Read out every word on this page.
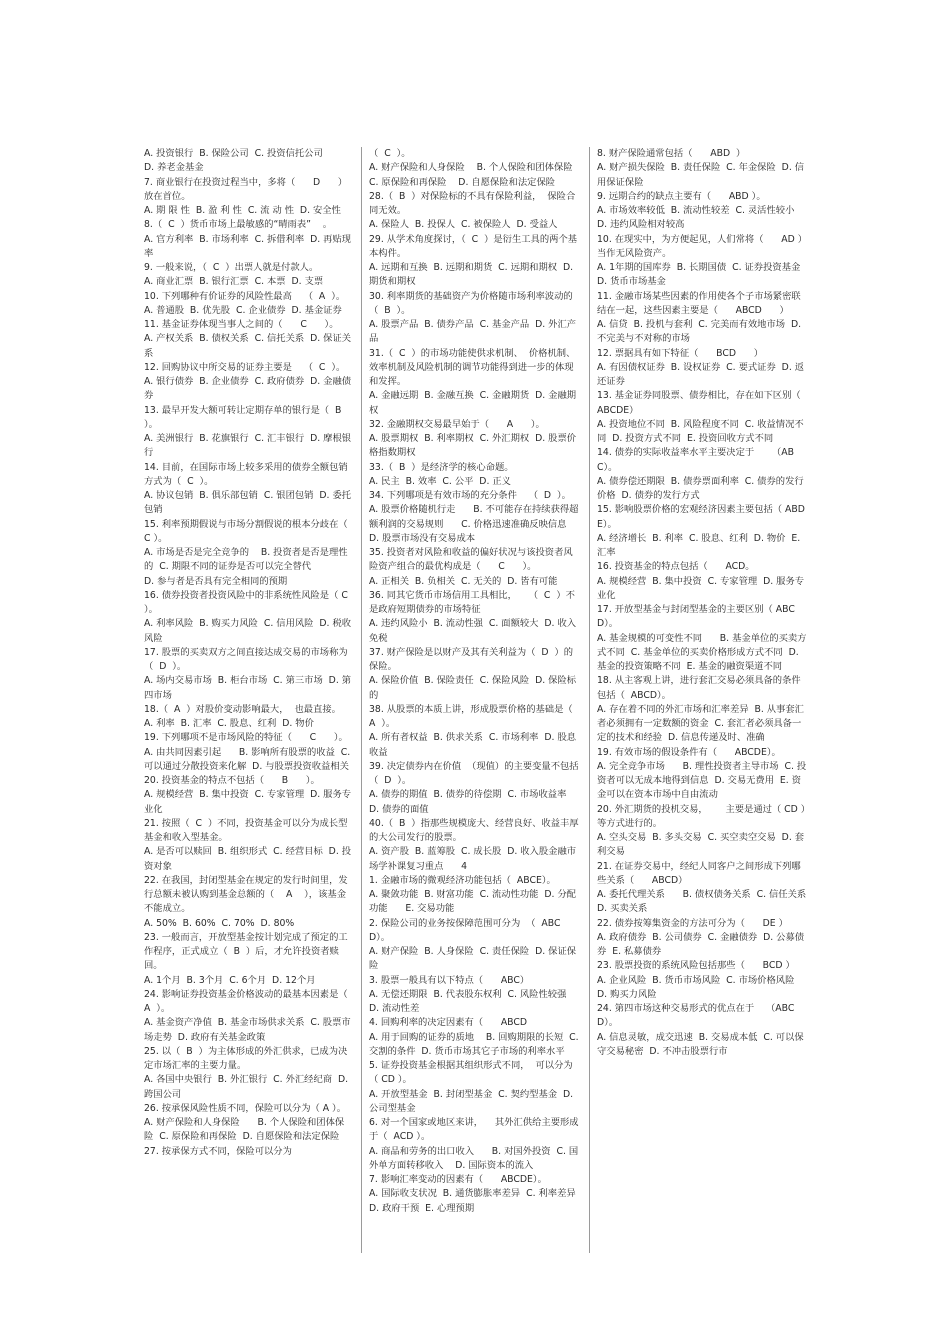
A. 投资银行  B. 保险公司  C. 投资信托公司

D. 养老金基金

7. 商业银行在投资过程当中，多将（      D      ）放在首位。

A. 期 限 性  B. 盈 利 性  C. 流 动 性  D. 安全性

8.（  C  ）货币市场上最敏感的“晴雨表”    。

A. 官方利率  B. 市场利率  C. 拆借利率  D. 再贴现率

9. 一般来说，（  C  ）出票人就是付款人。

A. 商业汇票  B. 银行汇票  C. 本票  D. 支票

10. 下列哪种有价证券的风险性最高    （  A  ）。

A. 普通股  B. 优先股  C. 企业债券  D. 基金证券

11. 基金证券体现当事人之间的（      C      ）。

A. 产权关系  B. 债权关系  C. 信托关系  D. 保证关系

12. 回购协议中所交易的证券主要是    （  C  ）。

A. 银行债券  B. 企业债券  C. 政府债券  D. 金融债券

13. 最早开发大额可转让定期存单的银行是（  B  ）。

A. 美洲银行  B. 花旗银行  C. 汇丰银行  D. 摩根银行

14. 目前，在国际市场上较多采用的债券全额包销方式为（  C  ）。

A. 协议包销  B. 俱乐部包销  C. 银团包销  D. 委托包销

15. 利率预期假说与市场分割假说的根本分歧在（ C ）。

A. 市场是否是完全竞争的    B. 投资者是否是理性的  C. 期限不同的证券是否可以完全替代

D. 参与者是否具有完全相同的预期

16. 债券投资者投资风险中的非系统性风险是（ C ）。

A. 利率风险  B. 购买力风险  C. 信用风险  D. 税收风险

17. 股票的买卖双方之间直接达成交易的市场称为（  D  ）。

A. 场内交易市场  B. 柜台市场  C. 第三市场  D. 第四市场

18.（  A  ）对股价变动影响最大，  也最直接。

A. 利率  B. 汇率  C. 股息、红利  D. 物价

19. 下列哪项不是市场风险的特征（      C      ）。

A. 由共同因素引起      B. 影响所有股票的收益  C. 可以通过分散投资来化解  D. 与股票投资收益相关

20. 投资基金的特点不包括（      B      ）。

A. 规模经营  B. 集中投资  C. 专家管理  D. 服务专业化

21. 按照（  C  ）不同，投资基金可以分为成长型基金和收入型基金。

A. 是否可以赎回  B. 组织形式  C. 经营目标  D. 投资对象

22. 在我国，封闭型基金在规定的发行时间里，发行总额未被认购到基金总额的（    A    ），该基金不能成立。

A. 50%  B. 60%  C. 70%  D. 80%

23. 一般而言，开放型基金按计划完成了预定的工作程序，正式成立（  B  ）后，才允许投资者赎回。

A. 1个月  B. 3个月  C. 6个月  D. 12个月

24. 影响证券投资基金价格波动的最基本因素是（  A  ）。

A. 基金资产净值  B. 基金市场供求关系  C. 股票市场走势  D. 政府有关基金政策

25. 以（  B  ）为主体形成的外汇供求，已成为决定市场汇率的主要力量。

A. 各国中央银行  B. 外汇银行  C. 外汇经纪商  D. 跨国公司

26. 按承保风险性质不同，保险可以分为（ A ）。

A. 财产保险和人身保险      B. 个人保险和团体保险  C. 原保险和再保险  D. 自愿保险和法定保险

27. 按承保方式不同，保险可以分为

（  C  ）。

A. 财产保险和人身保险    B. 个人保险和团体保险  C. 原保险和再保险    D. 自愿保险和法定保险

28.（  B  ）对保险标的不具有保险利益，  保险合同无效。

A. 保险人  B. 投保人  C. 被保险人  D. 受益人

29. 从学术角度探讨，（  C  ）是衍生工具的两个基本构件。

A. 远期和互换  B. 远期和期货  C. 远期和期权  D. 期货和期权

30. 利率期货的基础资产为价格随市场利率波动的（  B  ）。

A. 股票产品  B. 债券产品  C. 基金产品  D. 外汇产品

31.（  C  ）的市场功能使供求机制、  价格机制、效率机制及风险机制的调节功能得到进一步的体现和发挥。

A. 金融远期  B. 金融互换  C. 金融期货  D. 金融期权

32. 金融期权交易最早始于（      A      ）。

A. 股票期权  B. 利率期权  C. 外汇期权  D. 股票价格指数期权

33.（  B  ）是经济学的核心命题。

A. 民主  B. 效率  C. 公平  D. 正义

34. 下列哪项是有效市场的充分条件    （  D  ）。

A. 股票价格随机行走      B. 不可能存在持续获得超额利润的交易规则      C. 价格迅速准确反映信息  D. 股票市场没有交易成本

35. 投资者对风险和收益的偏好状况与该投资者风险资产组合的最优构成是（      C      ）。

A. 正相关  B. 负相关  C. 无关的  D. 皆有可能

36. 同其它货币市场信用工具相比，    （  C  ）不是政府短期债券的市场特征

A. 违约风险小  B. 流动性强  C. 面额较大  D. 收入免税

37. 财产保险是以财产及其有关利益为（  D  ）的保险。

A. 保险价值  B. 保险责任  C. 保险风险  D. 保险标的

38. 从股票的本质上讲，形成股票价格的基础是（  A  ）。

A. 所有者权益  B. 供求关系  C. 市场利率  D. 股息收益

39. 决定债券内在价值  （现值）的主要变量不包括（  D  ）。

A. 债券的期值  B. 债券的待偿期  C. 市场收益率  D. 债券的面值

40.（  B  ）指那些规模庞大、经营良好、收益丰厚的大公司发行的股票。

A. 资产股  B. 蓝筹股  C. 成长股  D. 收入股金融市场学补课复习重点      4

1. 金融市场的微观经济功能包括（  ABCE）。

A. 聚敛功能  B. 财富功能  C. 流动性功能  D. 分配功能      E. 交易功能

2. 保险公司的业务按保障范围可分为  （  ABCD）。

A. 财产保险  B. 人身保险  C. 责任保险  D. 保证保险

3. 股票一般具有以下特点（      ABC）

A. 无偿还期限  B. 代表股东权利  C. 风险性较强  D. 流动性差

4. 回购利率的决定因素有（      ABCD

A. 用于回购的证券的质地    B. 回购期限的长短  C. 交割的条件  D. 货币市场其它子市场的利率水平

5. 证券投资基金根据其组织形式不同，  可以分为（ CD ）。

A. 开放型基金  B. 封闭型基金  C. 契约型基金  D. 公司型基金

6. 对一个国家或地区来讲，    其外汇供给主要形成于（  ACD ）。

A. 商品和劳务的出口收入      B. 对国外投资  C. 国外单方面转移收入    D. 国际资本的流入

7. 影响汇率变动的因素有（      ABCDE）。

A. 国际收支状况  B. 通货膨胀率差异  C. 利率差异  D. 政府干预  E. 心理预期

8. 财产保险通常包括（      ABD  ）

A. 财产损失保险  B. 责任保险  C. 年金保险  D. 信用保证保险

9. 远期合约的缺点主要有（      ABD ）。

A. 市场效率较低  B. 流动性较差  C. 灵活性较小  D. 违约风险相对较高

10. 在现实中，为方便起见，人们常将（      AD ）当作无风险资产。

A. 1年期的国库券  B. 长期国债  C. 证券投资基金  D. 货币市场基金

11. 金融市场某些因素的作用使各个子市场紧密联结在一起，这些因素主要是（      ABCD      ）

A. 信贷  B. 投机与套利  C. 完美而有效地市场  D. 不完美与不对称的市场

12. 票据具有如下特征（      BCD      ）

A. 有因债权证券  B. 设权证券  C. 要式证券  D. 返还证券

13. 基金证券同股票、债券相比，存在如下区别（ ABCDE）

A. 投资地位不同  B. 风险程度不同  C. 收益情况不同  D. 投资方式不同  E. 投资回收方式不同

14. 债券的实际收益率水平主要决定于      （ABC）。

A. 债券偿还期限  B. 债券票面利率  C. 债券的发行价格  D. 债券的发行方式

15. 影响股票价格的宏观经济因素主要包括（ ABDE）。

A. 经济增长  B. 利率  C. 股息、红利  D. 物价  E. 汇率

16. 投资基金的特点包括（      ACD。

A. 规模经营  B. 集中投资  C. 专家管理  D. 服务专业化

17. 开放型基金与封闭型基金的主要区别（ ABCD）。

A. 基金规模的可变性不同      B. 基金单位的买卖方式不同  C. 基金单位的买卖价格形成方式不同  D. 基金的投资策略不同  E. 基金的融资渠道不同

18. 从主客观上讲，进行套汇交易必须具备的条件包括（  ABCD）。

A. 存在着不同的外汇市场和汇率差异  B. 从事套汇者必须拥有一定数额的资金  C. 套汇者必须具备一定的技术和经验  D. 信息传递及时、准确

19. 有效市场的假设条件有（      ABCDE）。

A. 完全竞争市场      B. 理性投资者主导市场  C. 投资者可以无成本地得到信息  D. 交易无费用  E. 资金可以在资本市场中自由流动

20. 外汇期货的投机交易，      主要是通过（ CD ）等方式进行的。

A. 空头交易  B. 多头交易  C. 买空卖空交易  D. 套利交易

21. 在证券交易中，经纪人同客户之间形成下列哪些关系（      ABCD）

A. 委托代理关系      B. 债权债务关系  C. 信任关系  D. 买卖关系

22. 债券按筹集资金的方法可分为（      DE ）

A. 政府债券  B. 公司债券  C. 金融债券  D. 公募债券  E. 私募债券

23. 股票投资的系统风险包括那些（      BCD ）

A. 企业风险  B. 货币市场风险  C. 市场价格风险  D. 购买力风险

24. 第四市场这种交易形式的优点在于    （ABCD）。

A. 信息灵敏，成交迅速  B. 交易成本低  C. 可以保守交易秘密  D. 不冲击股票行市
